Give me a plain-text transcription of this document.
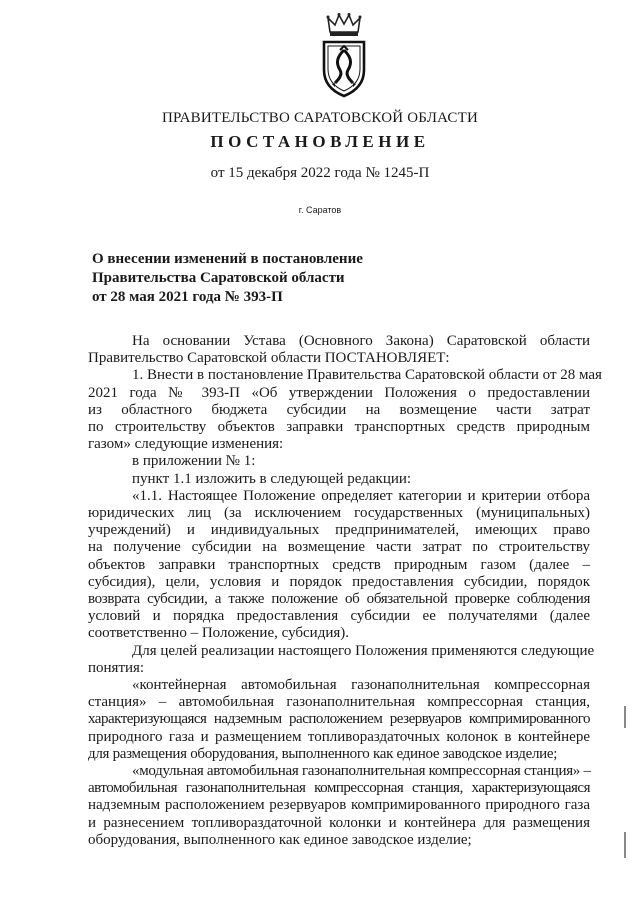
ПРАВИТЕЛЬСТВО САРАТОВСКОЙ ОБЛАСТИ
ПОСТАНОВЛЕНИЕ
от 15 декабря 2022 года № 1245-П
г. Саратов
О внесении изменений в постановление
Правительства Саратовской области
от 28 мая 2021 года № 393-П
На основании Устава (Основного Закона) Саратовской области
Правительство Саратовской области ПОСТАНОВЛЯЕТ:
1. Внести в постановление Правительства Саратовской области от 28 мая
2021 года № 393-П «Об утверждении Положения о предоставлении
из областного бюджета субсидии на возмещение части затрат
по строительству объектов заправки транспортных средств природным
газом» следующие изменения:
в приложении № 1:
пункт 1.1 изложить в следующей редакции:
«1.1. Настоящее Положение определяет категории и критерии отбора
юридических лиц (за исключением государственных (муниципальных)
учреждений) и индивидуальных предпринимателей, имеющих право
на получение субсидии на возмещение части затрат по строительству
объектов заправки транспортных средств природным газом (далее –
субсидия), цели, условия и порядок предоставления субсидии, порядок
возврата субсидии, а также положение об обязательной проверке соблюдения
условий и порядка предоставления субсидии ее получателями (далее
соответственно – Положение, субсидия).
Для целей реализации настоящего Положения применяются следующие
понятия:
«контейнерная автомобильная газонаполнительная компрессорная
станция» – автомобильная газонаполнительная компрессорная станция,
характеризующаяся надземным расположением резервуаров компримированного
природного газа и размещением топливораздаточных колонок в контейнере
для размещения оборудования, выполненного как единое заводское изделие;
«модульная автомобильная газонаполнительная компрессорная станция» –
автомобильная газонаполнительная компрессорная станция, характеризующаяся
надземным расположением резервуаров компримированного природного газа
и разнесением топливораздаточной колонки и контейнера для размещения
оборудования, выполненного как единое заводское изделие;
